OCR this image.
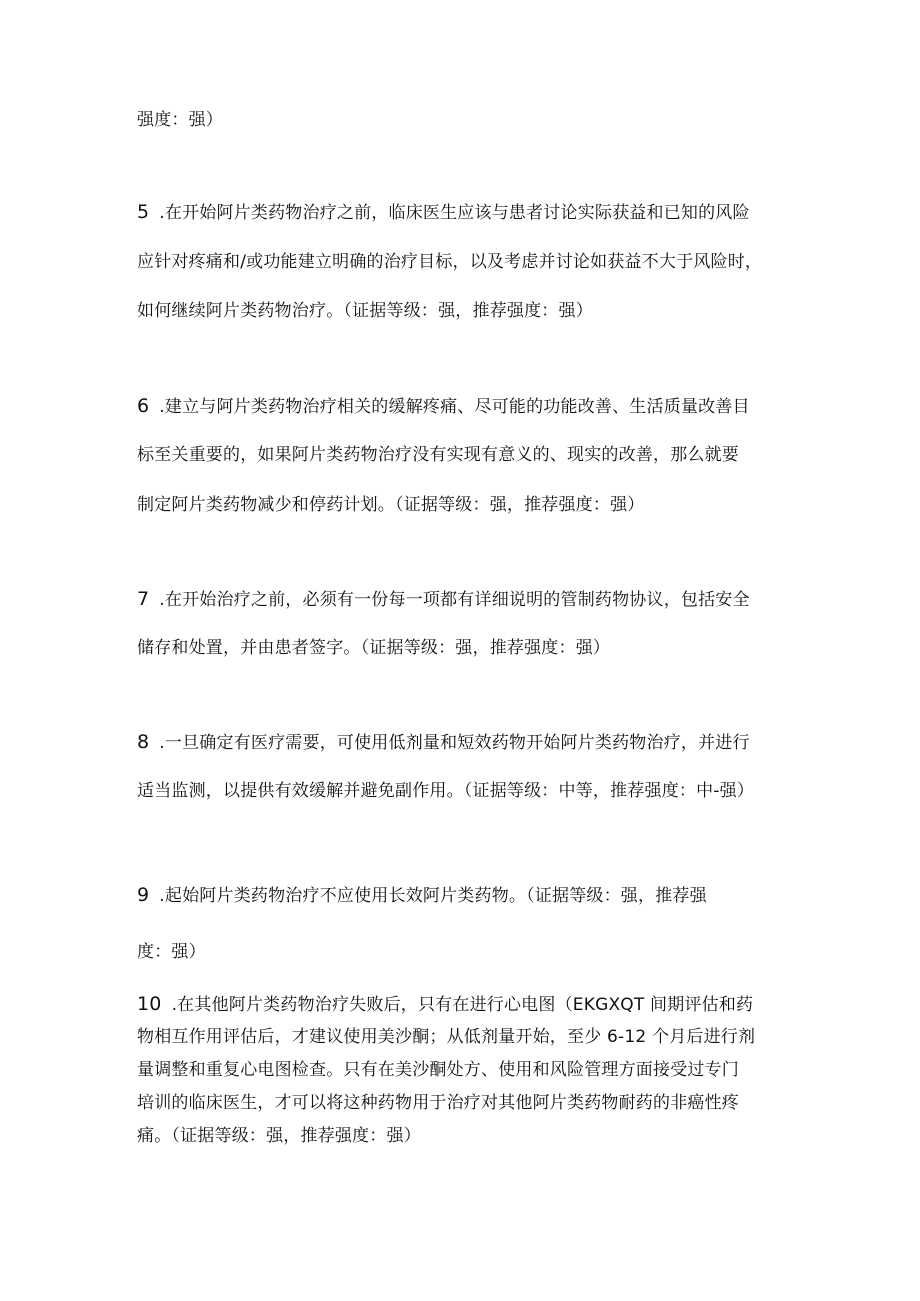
强度：强）
5 .在开始阿片类药物治疗之前，临床医生应该与患者讨论实际获益和已知的风险
应针对疼痛和/或功能建立明确的治疗目标，以及考虑并讨论如获益不大于风险时，
如何继续阿片类药物治疗。（证据等级：强，推荐强度：强）
6 .建立与阿片类药物治疗相关的缓解疼痛、尽可能的功能改善、生活质量改善目
标至关重要的，如果阿片类药物治疗没有实现有意义的、现实的改善，那么就要
制定阿片类药物减少和停药计划。（证据等级：强，推荐强度：强）
7 .在开始治疗之前，必须有一份每一项都有详细说明的管制药物协议，包括安全
储存和处置，并由患者签字。（证据等级：强，推荐强度：强）
8 .一旦确定有医疗需要，可使用低剂量和短效药物开始阿片类药物治疗，并进行
适当监测，以提供有效缓解并避免副作用。（证据等级：中等，推荐强度：中-强）
9 .起始阿片类药物治疗不应使用长效阿片类药物。（证据等级：强，推荐强
度：强）
10 .在其他阿片类药物治疗失败后，只有在进行心电图（EKGXQT 间期评估和药
物相互作用评估后，才建议使用美沙酮；从低剂量开始，至少 6-12 个月后进行剂
量调整和重复心电图检查。只有在美沙酮处方、使用和风险管理方面接受过专门
培训的临床医生，才可以将这种药物用于治疗对其他阿片类药物耐药的非癌性疼
痛。（证据等级：强，推荐强度：强）
